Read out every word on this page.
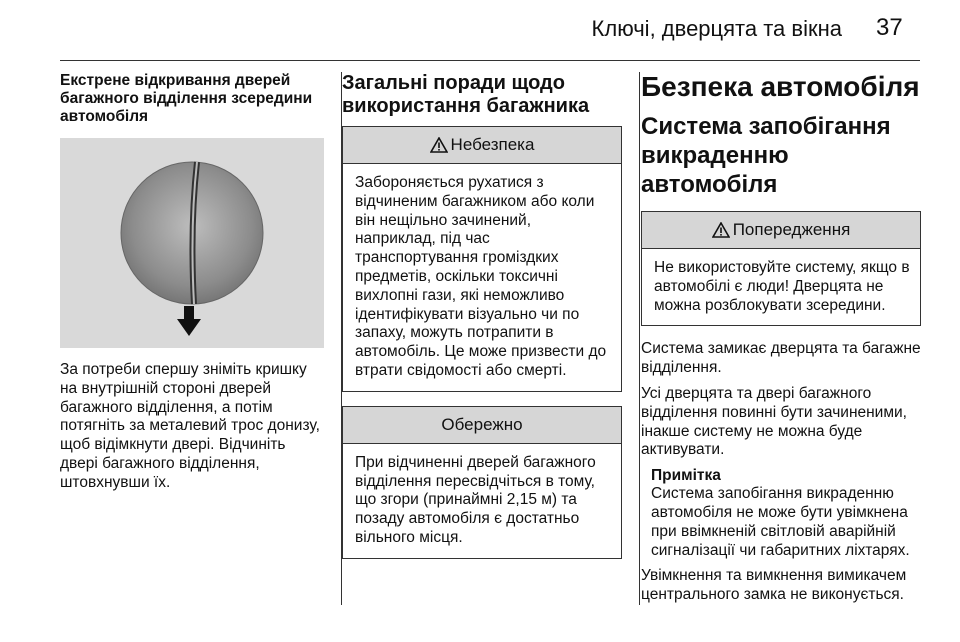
Ключі, дверцята та вікна 37
Екстрене відкривання дверей багажного відділення зсередини автомобіля

За потреби спершу зніміть кришку на внутрішній стороні дверей багажного відділення, а потім потягніть за металевий трос донизу, щоб відімкнути двері. Відчиніть двері багажного відділення, штовхнувши їх.

Загальні поради щодо використання багажника
Небезпека

Забороняється рухатися з відчиненим багажником або коли він нещільно зачинений, наприклад, під час транспортування громіздких предметів, оскільки токсичні вихлопні гази, які неможливо ідентифікувати візуально чи по запаху, можуть потрапити в автомобіль. Це може призвести до втрати свідомості або смерті.

Обережно

При відчиненні дверей багажного відділення пересвідчіться в тому, що згори (принаймні 2,15 м) та позаду автомобіля є достатньо вільного місця.

Безпека автомобіля
Система запобігання викраденню автомобіля
Попередження

Не використовуйте систему, якщо в автомобілі є люди! Дверцята не можна розблокувати зсередини.

Система замикає дверцята та багажне відділення.

Усі дверцята та двері багажного відділення повинні бути зачиненими, інакше систему не можна буде активувати.

Примітка

Система запобігання викраденню автомобіля не може бути увімкнена при ввімкненій світловій аварійній сигналізації чи габаритних ліхтарях.

Увімкнення та вимкнення вимикачем центрального замка не виконується.
